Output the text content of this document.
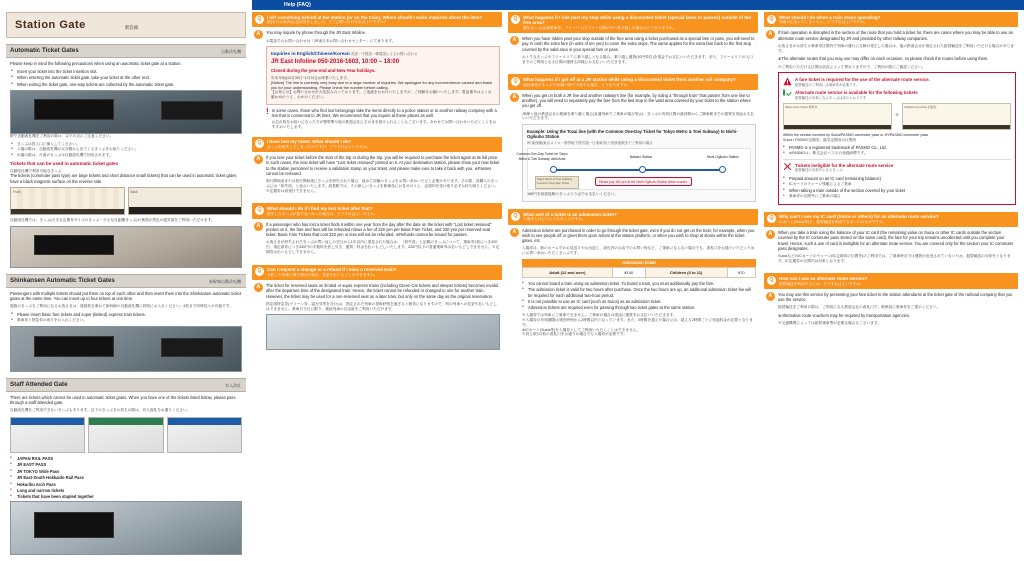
Help (FAQ)
Station Gate	駅設備
Automatic Ticket Gates	自動改札機

Please keep in mind the following precautions when using an automatic ticket gate at a station.

● Insert your ticket into the ticket insertion slot.
● When entering the automatic ticket gate, take your ticket at the other end.
● When exiting the ticket gate, one-way tickets are collected by the automatic ticket gate.

駅で自動改札機をご利用の際は、以下の点にご注意ください。

● きっぷは投入口に挿入してください。
● 入場の際は、自動改札機の反対側から出てくるきっぷをお取りください。
● 出場の際は、片道のきっぷは自動改札機で回収されます。
Tickets that can be used in automatic ticket gates
自動改札機で利用可能なきっぷ

The tickets (commuter pass type) are large tickets and short distance small tickets) that can be used in automatic ticket gates have a black magnetic surface on the reverse side.

Front	Back

自動改札機では、きっぷ(大きな定期券サイズのきっぷ・小さな近距離きっぷ)の裏面が黒色の磁気面をご利用いただけます。

Shinkansen Automatic Ticket Gates	新幹線自動改札機

Passengers with multiple tickets should put them on top of each other and then insert them into the Shinkansen automatic ticket gates at the same time. You can insert up to four tickets at one time.

複数のきっぷをご利用になるお客さまは、複数枚を重ねて新幹線の自動改札機に同時にお入れください。4枚まで同時投入が可能です。

● Please insert basic fare tickets and super (limited) express train tickets.
● 乗車券と特急券の両方をお入れください。
Staff Attended Gate	有人改札

There are tickets which cannot be used in automatic ticket gates. When you have one of the tickets listed below, please pass through a staff attended gate.

自動改札機をご利用できないきっぷもあります。以下のきっぷをお持ちの際は、有人改札をお通りください。

● JAPAN RAIL PASS
● JR EAST PASS
● JR TOKYO Wide Pass
● JR East-South Hokkaido Rail Pass
● Hokuriku Arch Pass
● Long and narrow tickets
● Tickets that have been stapled together
Q	I left something behind at the station (or on the train). Where should I make inquiries about the item?
駅(または車内)に忘れ物をしました。どこに問い合わせればよいですか?
A	You may inquire by phone through the JR East Infoline.

お電話でのお問い合わせは「JR東日本お問い合わせセンター」にて承ります。

Inquiries in English/Chinese/Korean 英語・中国語・韓国語によるお問い合わせ
JR East Infoline 050-2016-1603, 10:00 – 18:00
Closed during the year-end and New Year holidays.
年末年始(12月30日~1月3日)は休業いたします。
[Notice] The line is currently very busy due to a large number of inquiries. We apologize for any inconvenience caused and thank you for your understanding. Please check the number before calling.
【お知らせ】お問い合わせが大変混み合っております。ご迷惑をおかけいたしますが、ご理解をお願いいたします。電話番号はよくお確かめのうえ、おかけください。
! In some cases, those who find lost belongings take the items directly to a police station or to another railway company with a line that is connected to JR lines. We recommend that you inquire at these places as well.
お忘れ物をお拾いになった方が警察署や他の鉄道会社にそのまま届けられることもございます。あわせてお問い合わせいただくことをおすすめいたします。
Q	I have lost my ticket. What should I do?
きっぷを紛失してしまったのですが、どうすればよいですか。
A	If you lose your ticket before the start of the trip or during the trip, you will be required to purchase the ticket again at its full price. In such cases, the new ticket will have "Lost ticket reissued" printed on it. At your destination station, please show your new ticket to the station personnel to receive a validation stamp on your ticket, and please make sure to take it back with you. ※Passes cannot be reissued.

旅行開始前または旅行開始後にきっぷを紛失された場合、改めて同額のきっぷをお買い求めいただく必要があります。その際、再購入のきっぷには「紛失再」と表示いたします。到着駅では、その新しいきっぷを駅係員にお見せのうえ、証明印を受け取り必ずお持ち帰りください。※定期券は再発行できません。

Q	What should I do if I find my lost ticket after that?
紛失したきっぷが後で見つかった場合は、どうすればよいですか。
A	If a passenger who has lost a ticket finds it within one year from the day after the date on the ticket with "Lost ticket reissued" printed on it, the fare and fees will be refunded minus a fee of 220 yen per Basic Fare Ticket, and 330 yen per reserved seat ticket. Basic Fare Tickets that cost 220 yen or less will not be refunded. ※Refunds cannot be issued for passes.

お客さまが紛失されたきっぷが買い直しの翌日から1年以内に発見された場合は、「紛失再」と記載のきっぷについて、乗車券1枚につき220円、指定席券につき330円の手数料を差し引き、運賃・料金を払いもどしいたします。220円以下の普通乗車券は払いもどしできません。※定期券は払いもどしできません。

Q	Can I request a change or a refund if I miss a reserved train?
予約した列車に乗り遅れた場合、変更や払いもどしはできますか。
A	The ticket for reserved seats on limited or super express trains (including Green Car tickets and sleeper tickets) becomes invalid after the departure time of the designated train. Hence, the ticket cannot be refunded or changed to one for another train. However, the ticket may be used for a non-reserved seat on a later train, but only on the same day as the original reservation.

指定席特急券(グリーン券、寝台券等を含む)は、指定された列車の発車時刻を過ぎると無効になりますので、別の列車への変更や払いもどしはできません。乗車日当日に限り、後続列車の自由席をご利用いただけます。

Q	What happens if I ride past my stop while using a discounted ticket (special fares or passes) outside of the free area?
割引きっぷ(企画乗車券、フリーパス)でフリー区間の外へ乗り越した場合はどうなりますか。
A	When you have ridden past your stop outside of the free area using a ticket purchased as a special fare or pass, you will need to pay in cash the extra fare (in units of ten yen) to cover the extra stops. The same applies for the extra fare back to the first stop covered by the valid area in your special fare or pass.

おトクなきっぷやフリーエリアに乗り越しとなる場合、乗り越し運賃(10円単位)を現金でお支払いいただきます。また、フリーエリアの入口までのご利用となる区間の運賃も同様にお支払いいただきます。

Q	What happens if I get off at a JR station while using a discounted ticket from another rail company?
他社線発のきっぷでJR線の駅で下車する場合、どうなりますか。
A	When you get on both a JR line and another railway's line (for example, by riding a "through train" that passes from one line to another), you will need to separately pay the fare from the last stop in the valid area covered by your ticket to the station where you get off.

JR線と他の鉄道会社の路線を乗り継ぐ場合(直通列車でご乗車の場合等)は、きっぷの有効区間の最終駅からご降車駅までの運賃を別途お支払いいただきます。

Example: Using the Tozai line (with the Common One-Day Ticket for Tokyo Metro & Toei Subway) to Nishi-Ogikubo Station
例:東西線(東京メトロ・都営地下鉄共通一日乗車券)で西荻窪駅までご利用の場合
Common One-Day Ticket for Tokyo Metro & Toei Subway Valid Area	Nakano Station	Nishi-Ogikubo Station
Please pay 160 yen at the Nishi-Ogikubo Station ticket counter.
Tokyo Metro & Toei Subway Common One-Day Ticket
160円を西荻窪駅のきっぷうりばでお支払いください。
Q	What sort of a ticket is an admission ticket?
入場券とはどのようなきっぷですか。
A	Admission tickets are purchased in order to go through the ticket gate, even if you do not get on the train; for example, when you wish to see people off or greet them upon arrival at the station platform, or when you wish to shop at stores within the ticket gates, etc.

入場券は、駅のホームでのお見送りやお出迎え、改札内のお店でのお買い物など、ご乗車にならない場合でも、改札口をお通りいただくためにお買い求めいただくきっぷです。

Admission ticket
Adult (12 and over)	¥140	Children (6 to 11)	¥70
● You cannot board a train using an admission ticket. To board a train, you must additionally pay the fare.
● The admission ticket is valid for two hours after purchase. Once the two hours are up, an additional admission ticket fee will be required for each additional two-hour period.
● It is not possible to use an IC card (such as Suica) as an admission ticket.
● Admission tickets are required even for passing through two ticket gates at the same station.
※入場券では列車にご乗車できません。ご乗車の場合は別途に運賃をお支払いいただきます。
※入場券の有効期限は発売時刻から2時間以内となっています。また、2時間を超えた場合には、超える2時間ごとに別途料金が必要となります。
※ICカード(Suica等)を入場券としてご利用いただくことはできません。
※同じ駅の2枚の改札口をお通りの場合でも入場券が必要です。
Q	What should I do when a train stops operating?
列車が止まってしまったら、どうすればよいですか。
A	If train operation is disrupted in the section of the route that you hold a ticket for, there are cases where you may be able to use an alternate route service designated by JR and provided by other railway companies.

お客さまがお持ちの乗車券区間内で列車の運行に支障が発生した場合は、他の鉄道会社が指定された振替輸送をご利用いただける場合があります。

※The alternate routes that you may use may differ on each occasion, so please check the routes before using them.

※ご利用いただける区間は状況によって異なりますので、ご利用の際にご確認ください。

A fare ticket is required for the use of the alternate route service.
振替輸送のご利用には乗車券が必要です。
Alternate route service is available for the following tickets
振替輸送の対象となるきっぷは次のとおりです
Basic Fare Ticket 乗車券
+
Multiple-trip ticket 回数券
Within the section covered by Suica/PASMO commuter pass or JR/PASMO commuter pass
Suica / PASMO定期券、磁気定期券の区間内
● PASMO is a registered trademark of PASMO Co., Ltd.
● ※PASMOは、株式会社パスモの登録商標です。
Tickets ineligible for the alternate route service
振替輸送の対象外となるきっぷ
● Prepaid amount on an IC card (remaining balance)
● ICカードのチャージ残額によるご乗車
● When taking a train outside of the section covered by your ticket
● 乗車券の区間外にご乗車の場合
Q	Why can't I use my IC card (Suica or others) for an alternate route service?
ICカード(Suica等)で、振替輸送を利用できないのはなぜですか。
A	When you take a train using the balance of your IC card (the remaining value on Suica or other IC cards outside the section covered by the IC commuter pass stored on the same card), the fare for your trip remains uncollected until you complete your travel. Hence, such a use of card is ineligible for an alternate route service. You are covered only for the section your IC commuter pass designates.

SuicaなどのICカードのチャージ(IC定期券の区間外)のご利用では、ご乗車時点では運賃が収受されていないため、振替輸送の対象外となります。IC定期券の区間内は対象となります。

Q	How can I use an alternate route service?
振替輸送を利用するには、どうすればよいですか。
A	You may use this service by presenting your fare ticket to the station attendants at the ticket gate of the railroad company that you use the service.

振替輸送をご利用の際は、ご利用になる鉄道会社の改札口で、駅係員に乗車券をご提示ください。

※Alternative route vouchers may be required by transportation agencies.

※交通機関によっては振替乗車票が必要な場合もございます。
